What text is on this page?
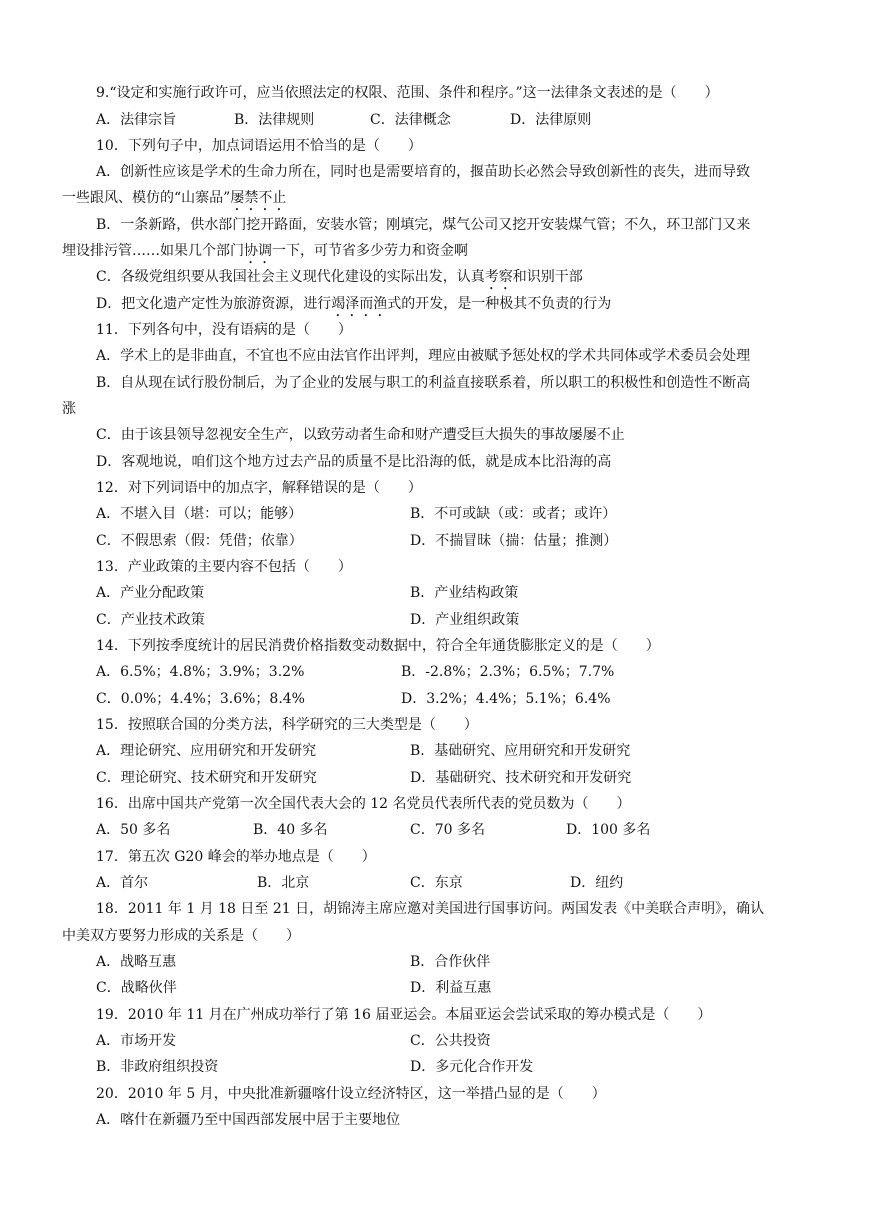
9.“设定和实施行政许可，应当依照法定的权限、范围、条件和程序。”这一法律条文表述的是（　　）
A．法律宗旨	B．法律规则	C．法律概念	D．法律原则
10．下列句子中，加点词语运用不恰当的是（　　）
A．创新性应该是学术的生命力所在，同时也是需要培育的，揠苗助长必然会导致创新性的丧失，进而导致
一些跟风、模仿的“山寨品”屡禁不止
B．一条新路，供水部门挖开路面，安装水管；刚填完，煤气公司又挖开安装煤气管；不久，环卫部门又来
埋设排污管……如果几个部门协调一下，可节省多少劳力和资金啊
C．各级党组织要从我国社会主义现代化建设的实际出发，认真考察和识别干部
D．把文化遗产定性为旅游资源，进行竭泽而渔式的开发，是一种极其不负责的行为
11．下列各句中，没有语病的是（　　）
A．学术上的是非曲直，不宜也不应由法官作出评判，理应由被赋予惩处权的学术共同体或学术委员会处理
B．自从现在试行股份制后，为了企业的发展与职工的利益直接联系着，所以职工的积极性和创造性不断高
涨
C．由于该县领导忽视安全生产，以致劳动者生命和财产遭受巨大损失的事故屡屡不止
D．客观地说，咱们这个地方过去产品的质量不是比沿海的低，就是成本比沿海的高
12．对下列词语中的加点字，解释错误的是（　　）
A．不堪入目（堪：可以；能够）	B．不可或缺（或：或者；或许）
C．不假思索（假：凭借；依靠）	D．不揣冒昧（揣：估量；推测）
13．产业政策的主要内容不包括（　　）
A．产业分配政策	B．产业结构政策
C．产业技术政策	D．产业组织政策
14．下列按季度统计的居民消费价格指数变动数据中，符合全年通货膨胀定义的是（　　）
A．6.5%；4.8%；3.9%；3.2%	B．-2.8%；2.3%；6.5%；7.7%
C．0.0%；4.4%；3.6%；8.4%	D．3.2%；4.4%；5.1%；6.4%
15．按照联合国的分类方法，科学研究的三大类型是（　　）
A．理论研究、应用研究和开发研究	B．基础研究、应用研究和开发研究
C．理论研究、技术研究和开发研究	D．基础研究、技术研究和开发研究
16．出席中国共产党第一次全国代表大会的 12 名党员代表所代表的党员数为（　　）
A．50 多名	B．40 多名	C．70 多名	D．100 多名
17．第五次 G20 峰会的举办地点是（　　）
A．首尔	B．北京	C．东京	D．纽约
18．2011 年 1 月 18 日至 21 日，胡锦涛主席应邀对美国进行国事访问。两国发表《中美联合声明》，确认
中美双方要努力形成的关系是（　　）
A．战略互惠	B．合作伙伴
C．战略伙伴	D．利益互惠
19．2010 年 11 月在广州成功举行了第 16 届亚运会。本届亚运会尝试采取的筹办模式是（　　）
A．市场开发	C．公共投资
B．非政府组织投资	D．多元化合作开发
20．2010 年 5 月，中央批准新疆喀什设立经济特区，这一举措凸显的是（　　）
A．喀什在新疆乃至中国西部发展中居于主要地位
